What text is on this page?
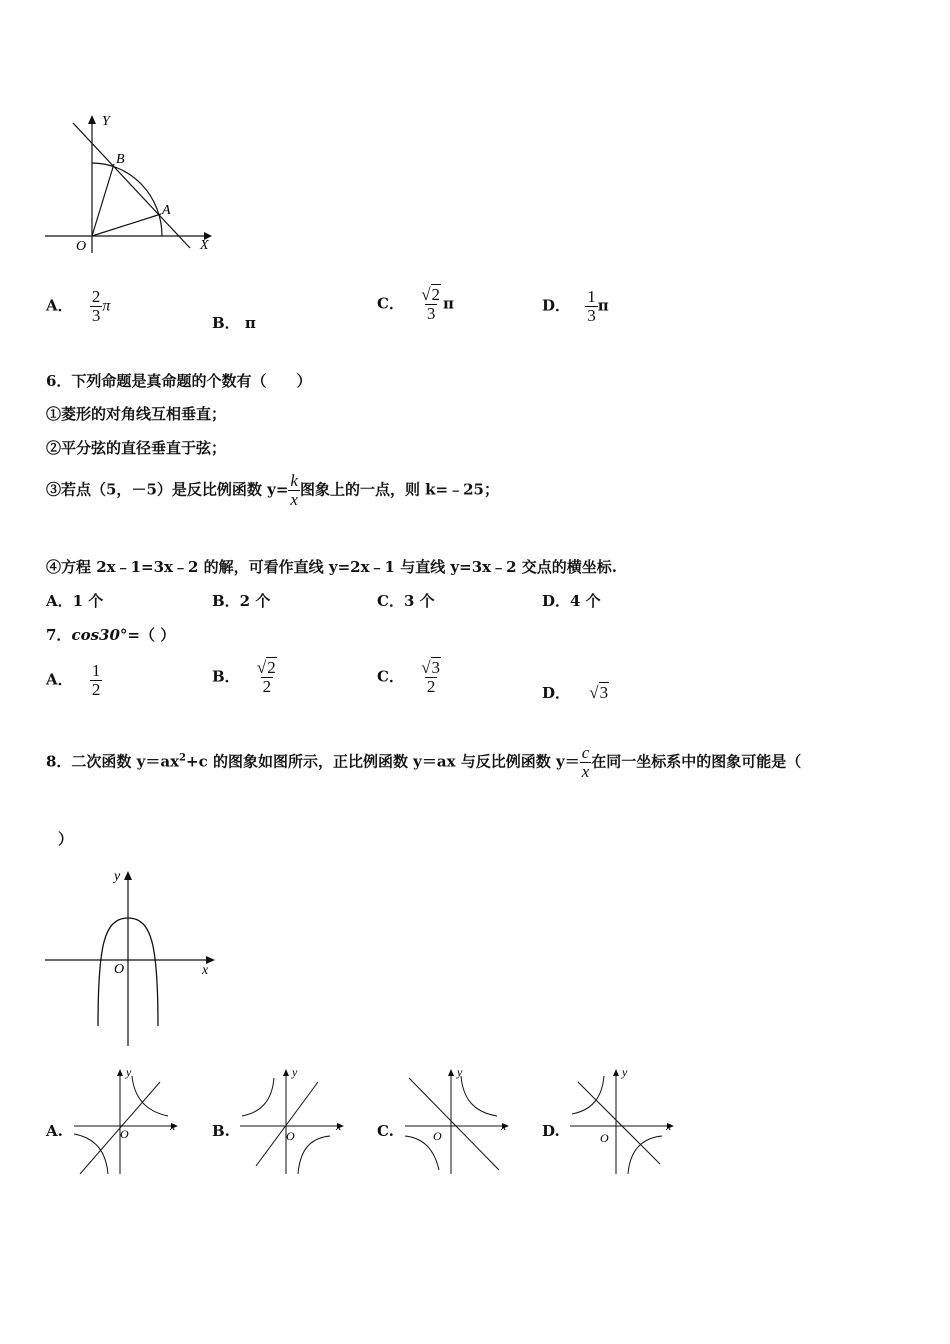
Y
X
O
B
A
A． $\frac{2}{3}$ π
B． π
C． $\frac{√2}{3}$ π	D． $\frac{1}{3}$ π
6．下列命题是真命题的个数有（　　）
①菱形的对角线互相垂直；
②平分弦的直径垂直于弦；
③若点（5，－5）是反比例函数 $y= \frac{k}{x}$ 图象上的一点，则 k=﹣25；
④方程 2x﹣1=3x﹣2 的解，可看作直线 y=2x﹣1 与直线 y=3x﹣2 交点的横坐标.
A．1 个	B．2 个	C．3 个	D．4 个
7．cos30°=（ ）
A． $\frac{1}{2}$	B． $\frac{√2}{2}$	C． $\frac{√3}{2}$	D． √3
8．二次函数 $y=ax^2+c$ 的图象如图所示，正比例函数 y＝ax 与反比例函数 $y= \frac{c}{x}$ 在同一坐标系中的图象可能是（
）
y
x
O
A.
y
x
O	B.
y
x
O	C.
y
x
O	D.
y
x
O
